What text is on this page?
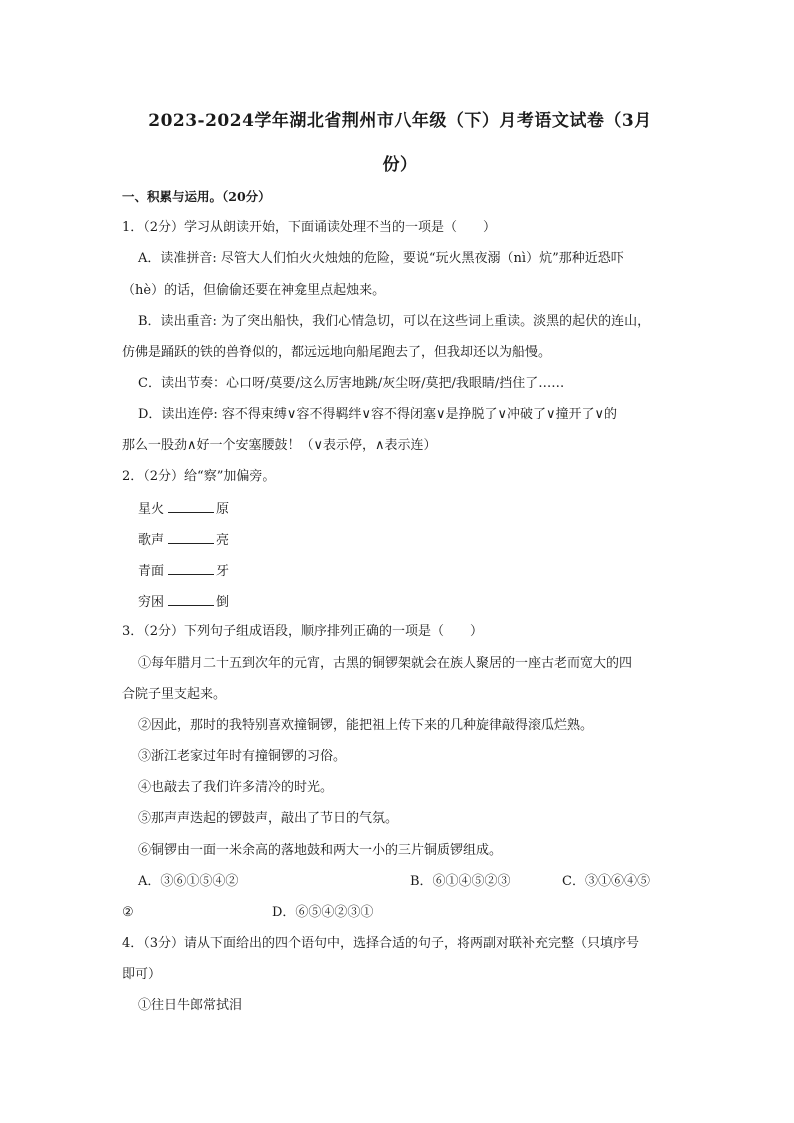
2023-2024学年湖北省荆州市八年级（下）月考语文试卷（3月
份）
一、积累与运用。（20分）
1．（2分）学习从朗读开始，下面诵读处理不当的一项是（　　）
A．读准拼音: 尽管大人们怕火火烛烛的危险，要说“玩火黑夜溺（nì）炕”那种近恐吓
（hè）的话，但偷偷还要在神龛里点起烛来。
B．读出重音: 为了突出船快，我们心情急切，可以在这些词上重读。淡黑的起伏的连山，
仿佛是踊跃的铁的兽脊似的，都远远地向船尾跑去了，但我却还以为船慢。
C．读出节奏：心口呀/莫要/这么厉害地跳/灰尘呀/莫把/我眼睛/挡住了……
D．读出连停: 容不得束缚∨容不得羁绊∨容不得闭塞∨是挣脱了∨冲破了∨撞开了∨的
那么一股劲∧好一个安塞腰鼓！（∨表示停，∧表示连）
2．（2分）给“察”加偏旁。
星火	原
歌声	亮
青面	牙
穷困	倒
3．（2分）下列句子组成语段，顺序排列正确的一项是（　　）
①每年腊月二十五到次年的元宵，古黑的铜锣架就会在族人聚居的一座古老而宽大的四
合院子里支起来。
②因此，那时的我特别喜欢撞铜锣，能把祖上传下来的几种旋律敲得滚瓜烂熟。
③浙江老家过年时有撞铜锣的习俗。
④也敲去了我们许多清冷的时光。
⑤那声声迭起的锣鼓声，敲出了节日的气氛。
⑥铜锣由一面一米余高的落地鼓和两大一小的三片铜质锣组成。
A．③⑥①⑤④②	B．⑥①④⑤②③	C．③①⑥④⑤
②	D．⑥⑤④②③①
4．（3分）请从下面给出的四个语句中，选择合适的句子，将两副对联补充完整（只填序号
即可）
①往日牛郎常拭泪
